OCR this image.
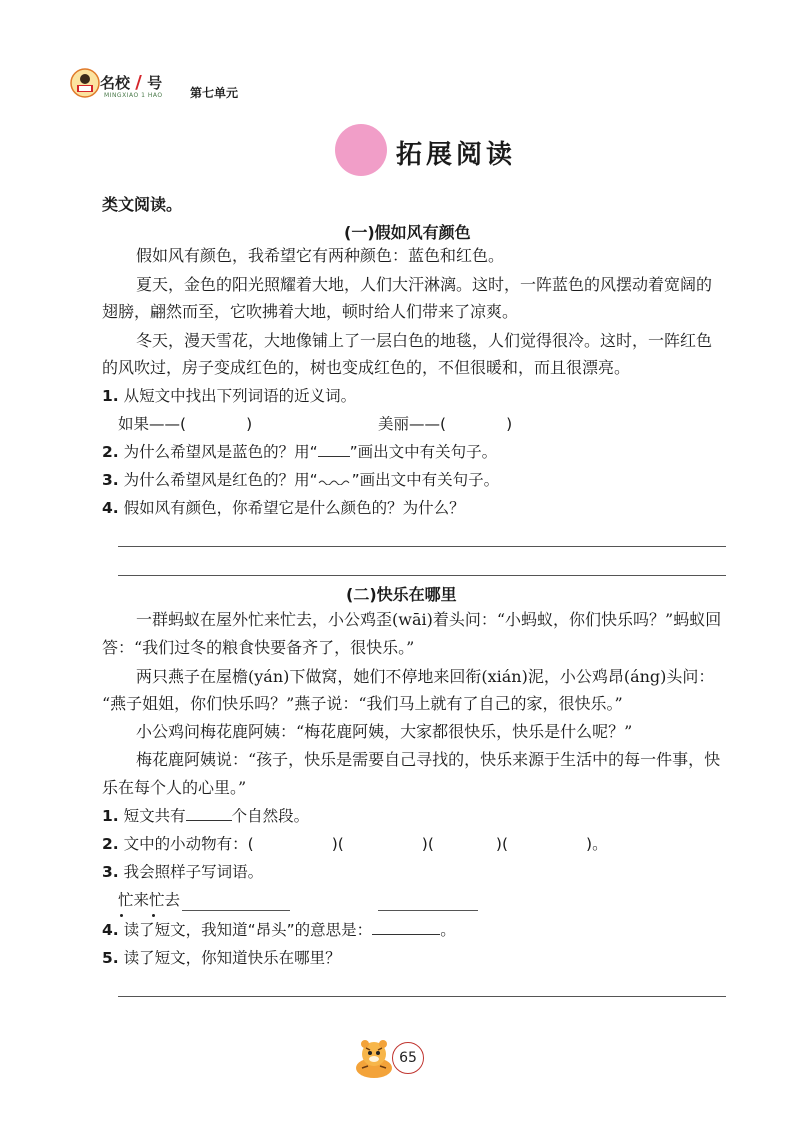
名校 / 号
MINGXIAO 1 HAO 第七单元
拓展阅读
类文阅读。
(一)假如风有颜色
假如风有颜色，我希望它有两种颜色：蓝色和红色。
夏天，金色的阳光照耀着大地，人们大汗淋漓。这时，一阵蓝色的风摆动着宽阔的
翅膀，翩然而至，它吹拂着大地，顿时给人们带来了凉爽。
冬天，漫天雪花，大地像铺上了一层白色的地毯，人们觉得很冷。这时，一阵红色
的风吹过，房子变成红色的，树也变成红色的，不但很暖和，而且很漂亮。
1. 从短文中找出下列词语的近义词。
如果——(	)	美丽——(	)
2. 为什么希望风是蓝色的？用“ ”画出文中有关句子。
3. 为什么希望风是红色的？用“ ”画出文中有关句子。
4. 假如风有颜色，你希望它是什么颜色的？为什么？
(二)快乐在哪里
一群蚂蚁在屋外忙来忙去，小公鸡歪(wāi)着头问：“小蚂蚁，你们快乐吗？”蚂蚁回
答：“我们过冬的粮食快要备齐了，很快乐。”
两只燕子在屋檐(yán)下做窝，她们不停地来回衔(xián)泥，小公鸡昂(áng)头问：
“燕子姐姐，你们快乐吗？”燕子说：“我们马上就有了自己的家，很快乐。”
小公鸡问梅花鹿阿姨：“梅花鹿阿姨，大家都很快乐，快乐是什么呢？”
梅花鹿阿姨说：“孩子，快乐是需要自己寻找的，快乐来源于生活中的每一件事，快
乐在每个人的心里。”
1. 短文共有	个自然段。
2. 文中的小动物有：(	)(	)(	)(	)。
3. 我会照样子写词语。
忙来忙去
4. 读了短文，我知道“昂头”的意思是：	。
5. 读了短文，你知道快乐在哪里？
65
